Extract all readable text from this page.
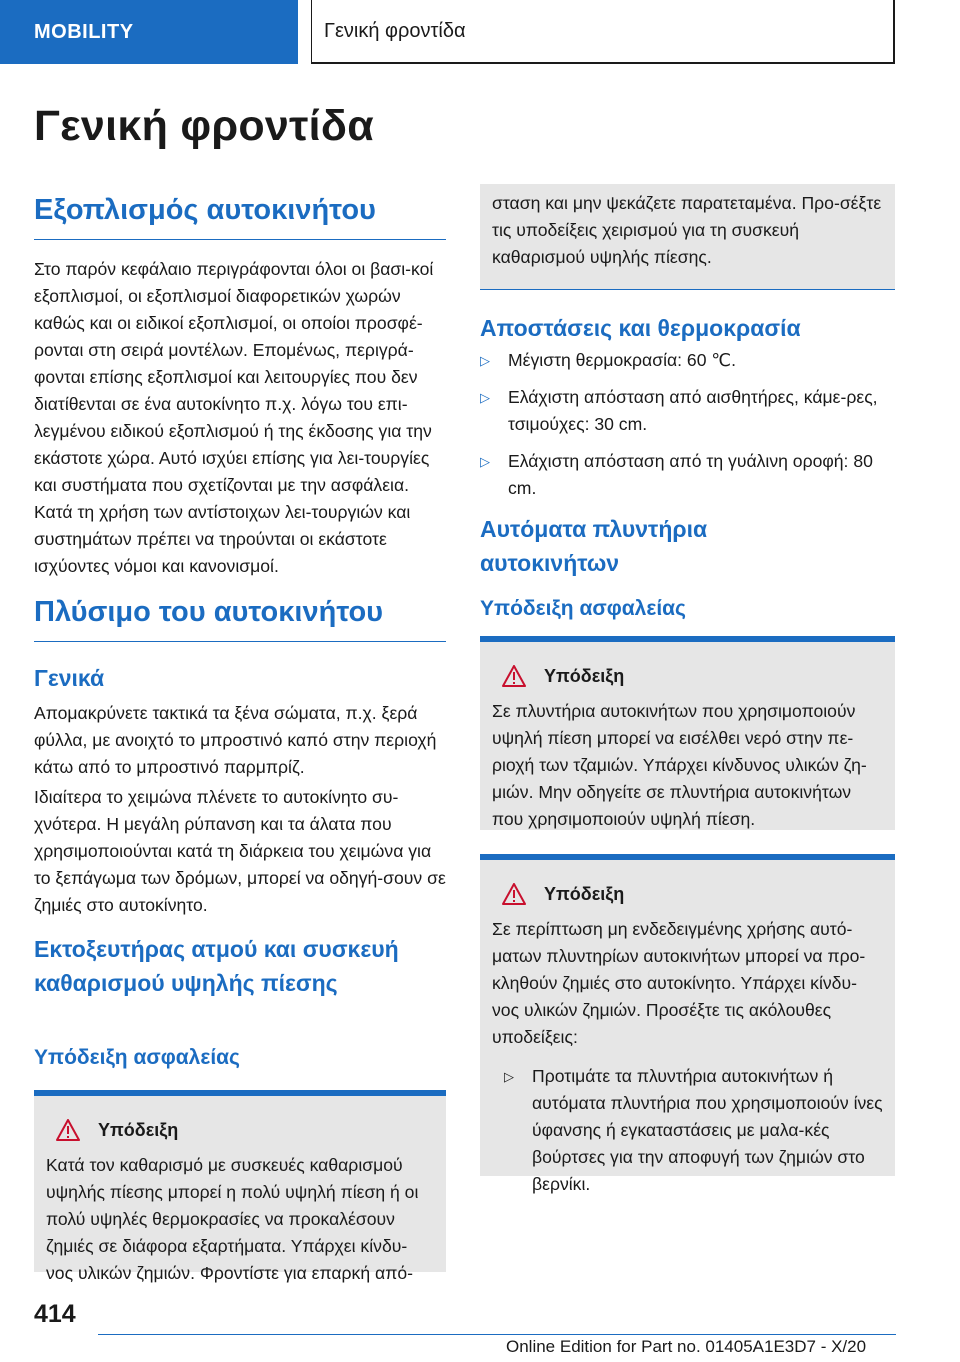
MOBILITY	Γενική φροντίδα
Γενική φροντίδα
Εξοπλισμός αυτοκινήτου

Στο παρόν κεφάλαιο περιγράφονται όλοι οι βασι‐κοί εξοπλισμοί, οι εξοπλισμοί διαφορετικών χωρών καθώς και οι ειδικοί εξοπλισμοί, οι οποίοι προσφέ‐ρονται στη σειρά μοντέλων. Επομένως, περιγρά‐φονται επίσης εξοπλισμοί και λειτουργίες που δεν διατίθενται σε ένα αυτοκίνητο π.χ. λόγω του επι‐λεγμένου ειδικού εξοπλισμού ή της έκδοσης για την εκάστοτε χώρα. Αυτό ισχύει επίσης για λει‐τουργίες και συστήματα που σχετίζονται με την ασφάλεια. Κατά τη χρήση των αντίστοιχων λει‐τουργιών και συστημάτων πρέπει να τηρούνται οι εκάστοτε ισχύοντες νόμοι και κανονισμοί.

Πλύσιμο του αυτοκινήτου
Γενικά

Απομακρύνετε τακτικά τα ξένα σώματα, π.χ. ξερά φύλλα, με ανοιχτό το μπροστινό καπό στην περιοχή κάτω από το μπροστινό παρμπρίζ.

Ιδιαίτερα το χειμώνα πλένετε το αυτοκίνητο συ‐χνότερα. Η μεγάλη ρύπανση και τα άλατα που χρησιμοποιούνται κατά τη διάρκεια του χειμώνα για το ξεπάγωμα των δρόμων, μπορεί να οδηγή‐σουν σε ζημιές στο αυτοκίνητο.

Εκτοξευτήρας ατμού και συσκευή καθαρισμού υψηλής πίεσης
Υπόδειξη ασφαλείας
Υπόδειξη

Κατά τον καθαρισμό με συσκευές καθαρισμού υψηλής πίεσης μπορεί η πολύ υψηλή πίεση ή οι πολύ υψηλές θερμοκρασίες να προκαλέσουν ζημιές σε διάφορα εξαρτήματα. Υπάρχει κίνδυ‐νος υλικών ζημιών. Φροντίστε για επαρκή από‐

σταση και μην ψεκάζετε παρατεταμένα. Προ‐σέξτε τις υποδείξεις χειρισμού για τη συσκευή καθαρισμού υψηλής πίεσης.

Αποστάσεις και θερμοκρασία
▷	Μέγιστη θερμοκρασία: 60 ℃.
▷	Ελάχιστη απόσταση από αισθητήρες, κάμε‐ρες, τσιμούχες: 30 cm.
▷	Ελάχιστη απόσταση από τη γυάλινη οροφή: 80 cm.
Αυτόματα πλυντήρια αυτοκινήτων
Υπόδειξη ασφαλείας
Υπόδειξη

Σε πλυντήρια αυτοκινήτων που χρησιμοποιούν υψηλή πίεση μπορεί να εισέλθει νερό στην πε‐ριοχή των τζαμιών. Υπάρχει κίνδυνος υλικών ζη‐μιών. Μην οδηγείτε σε πλυντήρια αυτοκινήτων που χρησιμοποιούν υψηλή πίεση.

Υπόδειξη

Σε περίπτωση μη ενδεδειγμένης χρήσης αυτό‐ματων πλυντηρίων αυτοκινήτων μπορεί να προ‐κληθούν ζημιές στο αυτοκίνητο. Υπάρχει κίνδυ‐νος υλικών ζημιών. Προσέξτε τις ακόλουθες υποδείξεις:

▷	Προτιμάτε τα πλυντήρια αυτοκινήτων ή αυτόματα πλυντήρια που χρησιμοποιούν ίνες ύφανσης ή εγκαταστάσεις με μαλα‐κές βούρτσες για την αποφυγή των ζημιών στο βερνίκι.
414
Online Edition for Part no. 01405A1E3D7 - X/20
